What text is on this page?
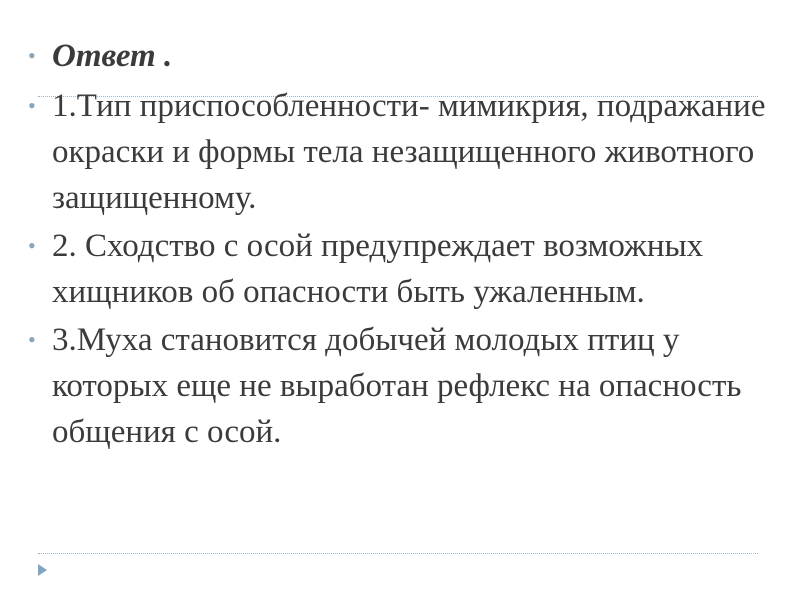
• Ответ .
• 1.Тип приспособленности- мимикрия, подражание окраски и формы тела незащищенного животного защищенному.
• 2. Сходство с осой предупреждает возможных хищников об опасности быть ужаленным.
• 3.Муха становится добычей молодых птиц у которых еще не выработан рефлекс на опасность общения с осой.
